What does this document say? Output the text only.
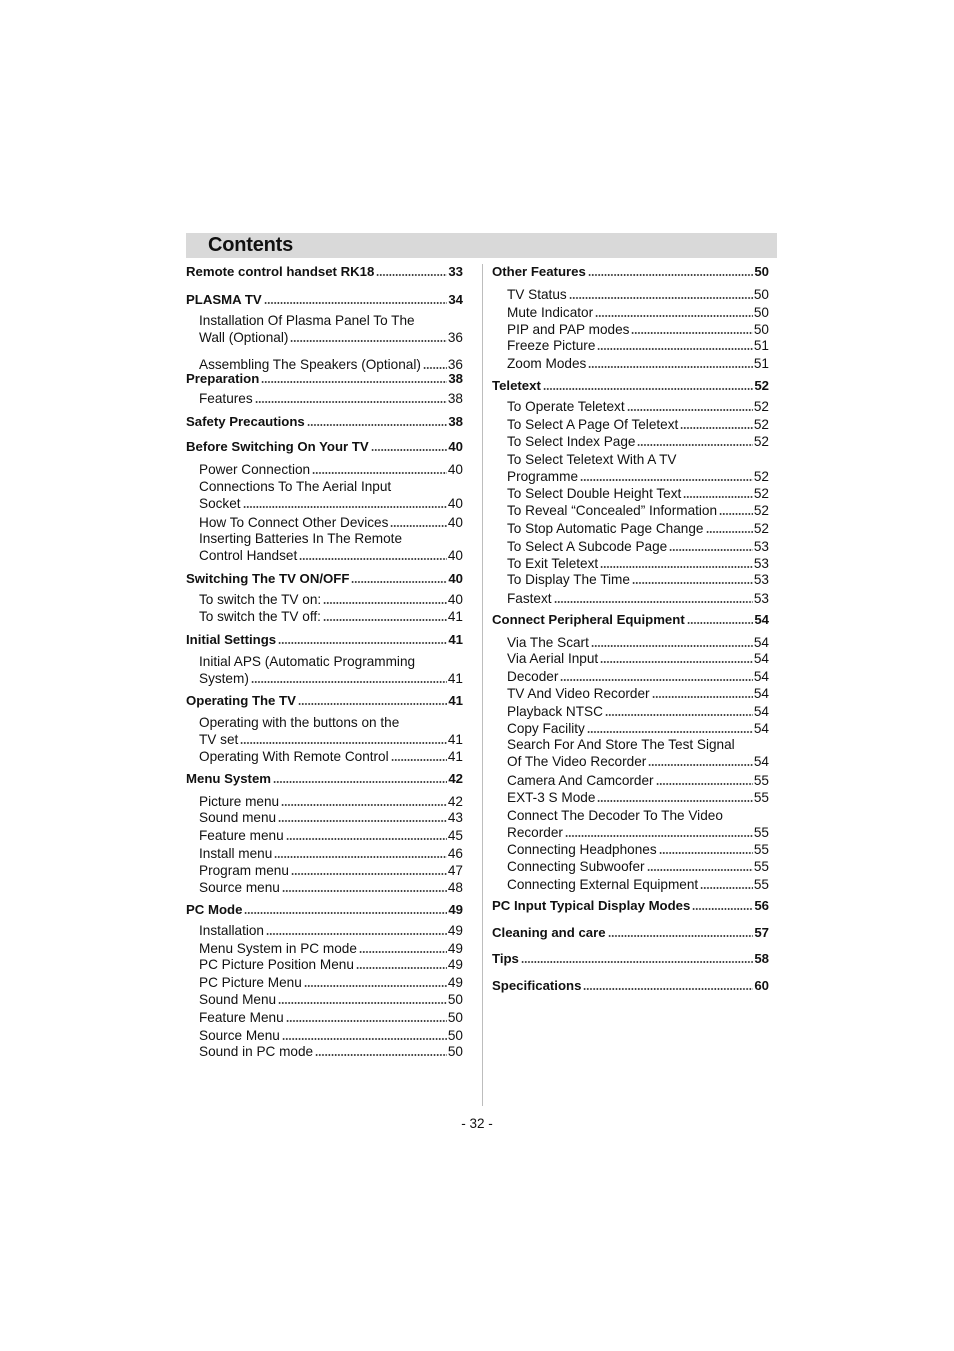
Contents
Remote control handset RK18	33
PLASMA TV	34
Installation Of Plasma Panel To The
Wall (Optional)	36
Assembling The Speakers (Optional) 36
Preparation	38
Features	38
Safety Precautions	38
Before Switching On Your TV	40
Power Connection	40
Connections To The Aerial Input
Socket	40
How To Connect Other Devices	40
Inserting Batteries In The Remote
Control Handset	40
Switching The TV ON/OFF	40
To switch the TV on:	40
To switch the TV off:	41
Initial Settings	41
Initial APS (Automatic Programming
System)	41
Operating The TV	41
Operating with the buttons on the
TV set	41
Operating With Remote Control	41
Menu System	42
Picture menu	42
Sound menu	43
Feature menu	45
Install menu	46
Program menu	47
Source menu	48
PC Mode	49
Installation	49
Menu System in PC mode	49
PC Picture Position Menu	49
PC Picture Menu	49
Sound Menu	50
Feature Menu	50
Source Menu	50
Sound in PC mode	50
Other Features	50
TV Status	50
Mute Indicator	50
PIP and PAP modes	50
Freeze Picture	51
Zoom Modes	51
Teletext	52
To Operate Teletext	52
To Select A Page Of Teletext	52
To Select Index Page	52
To Select Teletext With A TV
Programme	52
To Select Double Height Text	52
To Reveal “Concealed” Information	52
To Stop Automatic Page Change	52
To Select A Subcode Page	53
To Exit Teletext	53
To Display The Time	53
Fastext	53
Connect Peripheral Equipment	54
Via The Scart	54
Via Aerial Input	54
Decoder	54
TV And Video Recorder	54
Playback NTSC	54
Copy Facility	54
Search For And Store The Test Signal
Of The Video Recorder	54
Camera And Camcorder	55
EXT-3 S Mode	55
Connect The Decoder To The Video
Recorder	55
Connecting Headphones	55
Connecting Subwoofer	55
Connecting External Equipment	55
PC Input Typical Display Modes	56
Cleaning and care	57
Tips	58
Specifications	60
- 32 -
